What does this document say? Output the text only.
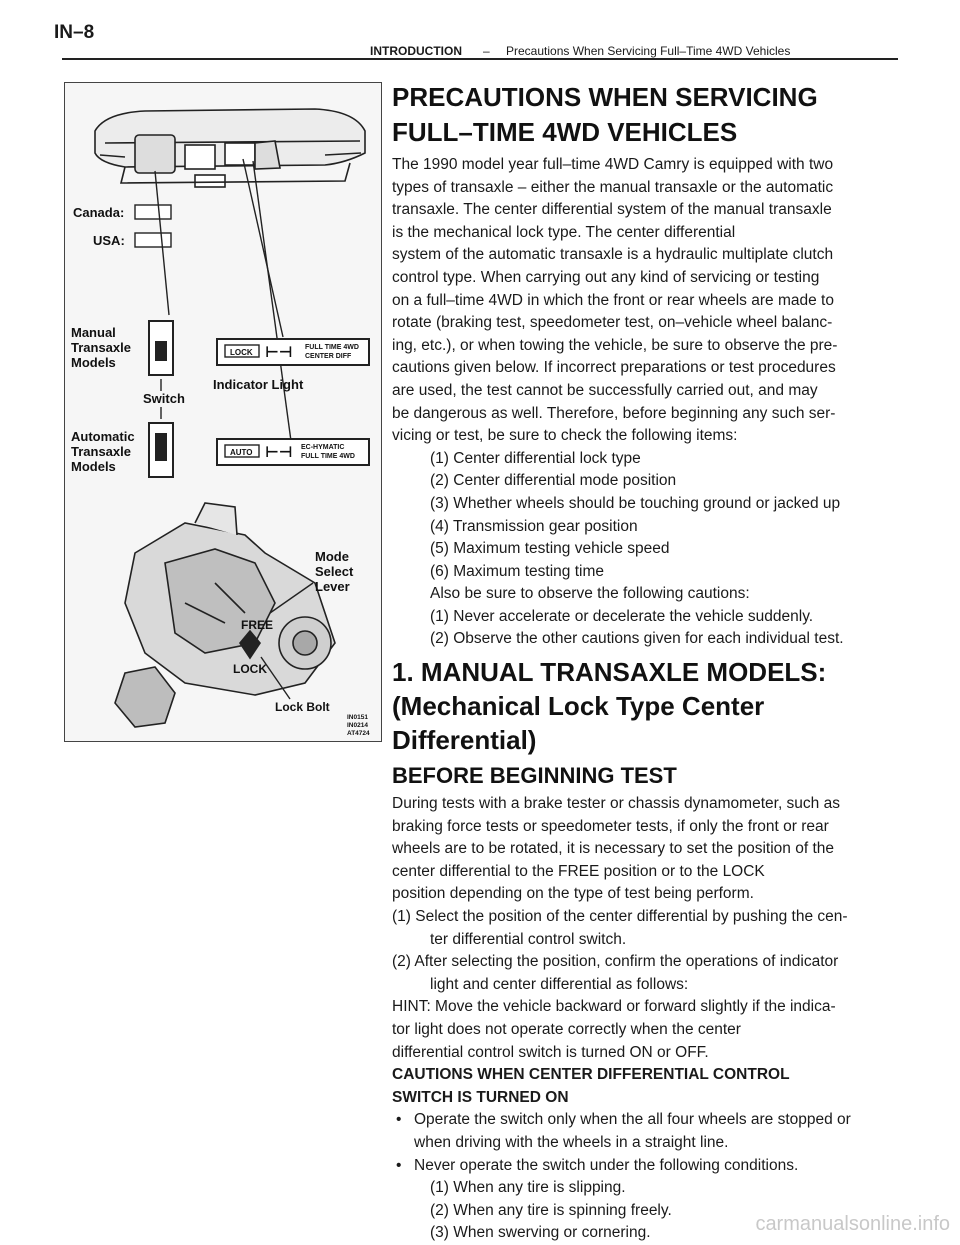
IN–8
INTRODUCTION – Precautions When Servicing Full–Time 4WD Vehicles
Canada:
USA:
Manual Transaxle Models
Switch
LOCK ⊢⊣ FULL TIME 4WD CENTER DIFF
Indicator Light
Automatic Transaxle Models
AUTO ⊢⊣ EC-HYMATIC FULL TIME 4WD
Mode Select Lever
FREE
LOCK
Lock Bolt
IN0151 IN0214 AT4724
PRECAUTIONS WHEN SERVICING
FULL–TIME 4WD VEHICLES
The 1990 model year full–time 4WD Camry is equipped with two
types of transaxle – either the manual transaxle or the automatic
transaxle. The center differential system of the manual transaxle
is the mechanical lock type. The center differential
system of the automatic transaxle is a hydraulic multiplate clutch
control type. When carrying out any kind of servicing or testing
on a full–time 4WD in which the front or rear wheels are made to
rotate (braking test, speedometer test, on–vehicle wheel balanc-
ing, etc.), or when towing the vehicle, be sure to observe the pre-
cautions given below. If incorrect preparations or test procedures
are used, the test cannot be successfully carried out, and may
be dangerous as well. Therefore, before beginning any such ser-
vicing or test, be sure to check the following items:
(1) Center differential lock type
(2) Center differential mode position
(3) Whether wheels should be touching ground or jacked up
(4) Transmission gear position
(5) Maximum testing vehicle speed
(6) Maximum testing time
Also be sure to observe the following cautions:
(1) Never accelerate or decelerate the vehicle suddenly.
(2) Observe the other cautions given for each individual test.
1. MANUAL TRANSAXLE MODELS:
(Mechanical Lock Type Center
Differential)
BEFORE BEGINNING TEST
During tests with a brake tester or chassis dynamometer, such as
braking force tests or speedometer tests, if only the front or rear
wheels are to be rotated, it is necessary to set the position of the
center differential to the FREE position or to the LOCK
position depending on the type of test being perform.
(1) Select the position of the center differential by pushing the cen-
ter differential control switch.
(2) After selecting the position, confirm the operations of indicator
light and center differential as follows:
HINT: Move the vehicle backward or forward slightly if the indica-
tor light does not operate correctly when the center
differential control switch is turned ON or OFF.
CAUTIONS WHEN CENTER DIFFERENTIAL CONTROL
SWITCH IS TURNED ON
• Operate the switch only when the all four wheels are stopped or
when driving with the wheels in a straight line.
• Never operate the switch under the following conditions.
(1) When any tire is slipping.
(2) When any tire is spinning freely.
(3) When swerving or cornering.	carmanualsonline.info
